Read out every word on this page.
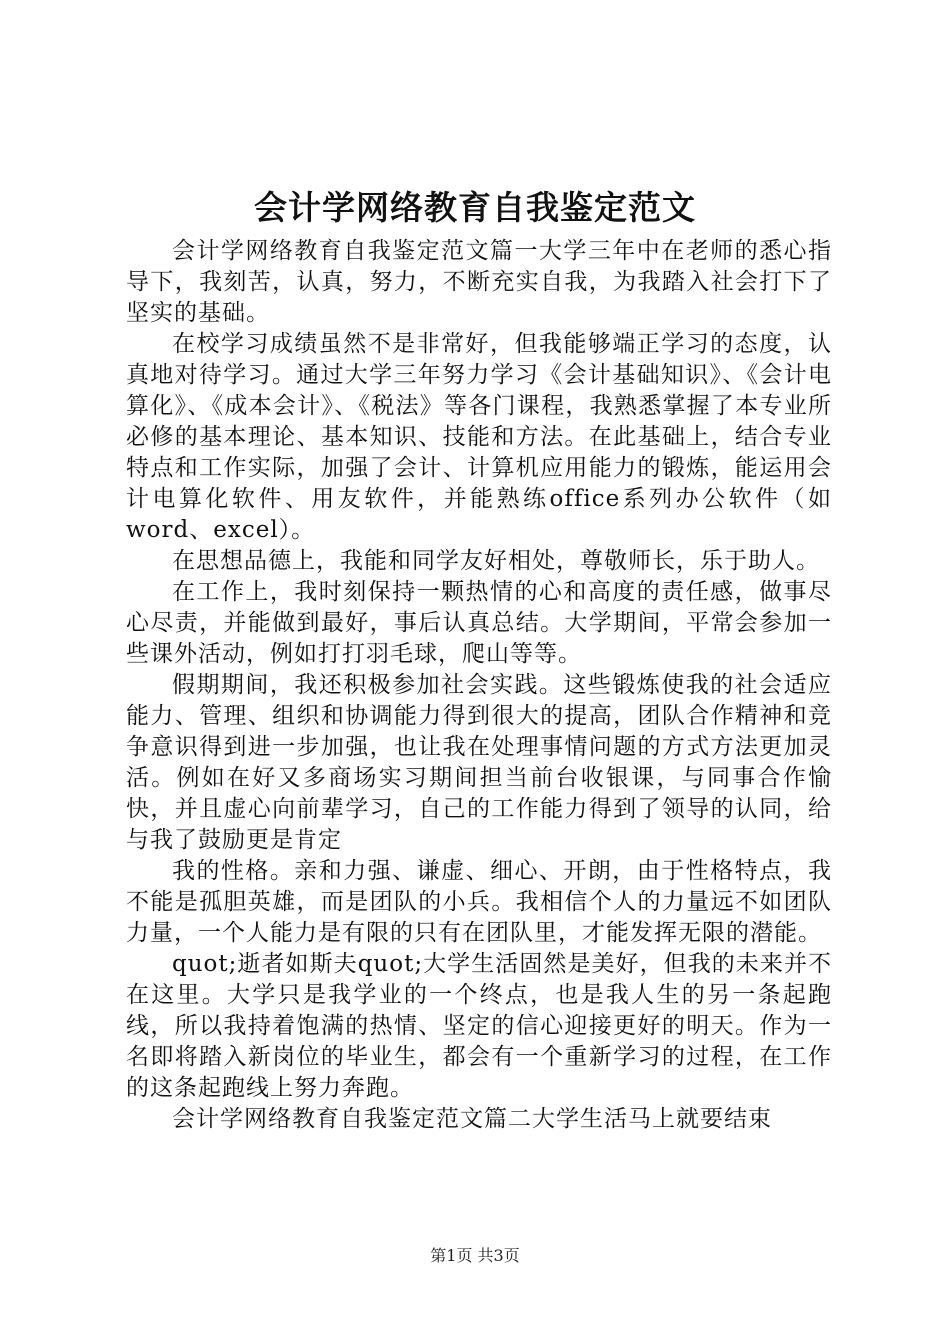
会计学网络教育自我鉴定范文

会计学网络教育自我鉴定范文篇一大学三年中在老师的悉心指导下，我刻苦，认真，努力，不断充实自我，为我踏入社会打下了坚实的基础。

在校学习成绩虽然不是非常好，但我能够端正学习的态度，认真地对待学习。通过大学三年努力学习《会计基础知识》、《会计电算化》、《成本会计》、《税法》等各门课程，我熟悉掌握了本专业所必修的基本理论、基本知识、技能和方法。在此基础上，结合专业特点和工作实际，加强了会计、计算机应用能力的锻炼，能运用会计电算化软件、用友软件，并能熟练office系列办公软件（如word、excel）。

在思想品德上，我能和同学友好相处，尊敬师长，乐于助人。

在工作上，我时刻保持一颗热情的心和高度的责任感，做事尽心尽责，并能做到最好，事后认真总结。大学期间，平常会参加一些课外活动，例如打打羽毛球，爬山等等。

假期期间，我还积极参加社会实践。这些锻炼使我的社会适应能力、管理、组织和协调能力得到很大的提高，团队合作精神和竞争意识得到进一步加强，也让我在处理事情问题的方式方法更加灵活。例如在好又多商场实习期间担当前台收银课，与同事合作愉快，并且虚心向前辈学习，自己的工作能力得到了领导的认同，给与我了鼓励更是肯定

我的性格。亲和力强、谦虚、细心、开朗，由于性格特点，我不能是孤胆英雄，而是团队的小兵。我相信个人的力量远不如团队力量，一个人能力是有限的只有在团队里，才能发挥无限的潜能。

quot;逝者如斯夫quot;大学生活固然是美好，但我的未来并不在这里。大学只是我学业的一个终点，也是我人生的另一条起跑线，所以我持着饱满的热情、坚定的信心迎接更好的明天。作为一名即将踏入新岗位的毕业生，都会有一个重新学习的过程，在工作的这条起跑线上努力奔跑。

会计学网络教育自我鉴定范文篇二大学生活马上就要结束

第1页 共3页
